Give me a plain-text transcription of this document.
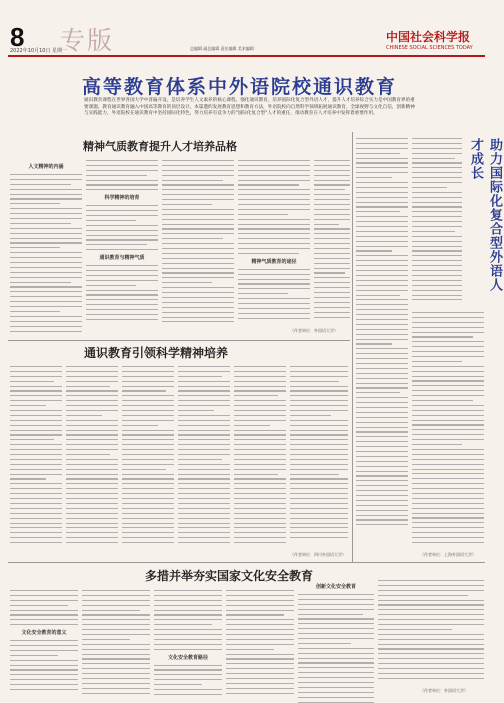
8 专版
2022年10月10日 星期一	总编辑 副总编辑 责任编辑 美术编辑
中国社会科学报
CHINESE SOCIAL SCIENCES TODAY
高等教育体系中外语院校通识教育
通识教育课程在世界各国大学中普遍开设，是培养学生人文素养的核心课程。强化通识教育，培养国际化复合型外语人才，提升人才培养综合实力是中国教育界的重要课题。教育通识教育融入中国高等教育的顶层设计。本篇邀约发展教育思想和教育方法，外语院校向自然科学领域拓展通识教育，全球视野与文化自信，创新精神与实践能力，外语院校在通识教育中坚持国际化特色，努力培养有竞争力的"国际化复合型"人才的重任，推动教育在人才培养中发挥着重要作用。
精神气质教育提升人才培养品格
人文精神的内涵
科学精神的培育
通识教育与精神气质
精神气质教育的途径
（作者单位：外国语大学）
助力国际化复合型外语人才成长
（作者单位：上海外国语大学）
通识教育引领科学精神培养
（作者单位：四川外国语大学）
多措并举夯实国家文化安全教育
文化安全教育的意义
文化安全教育路径
创新文化安全教育
（作者单位：外国语大学）
